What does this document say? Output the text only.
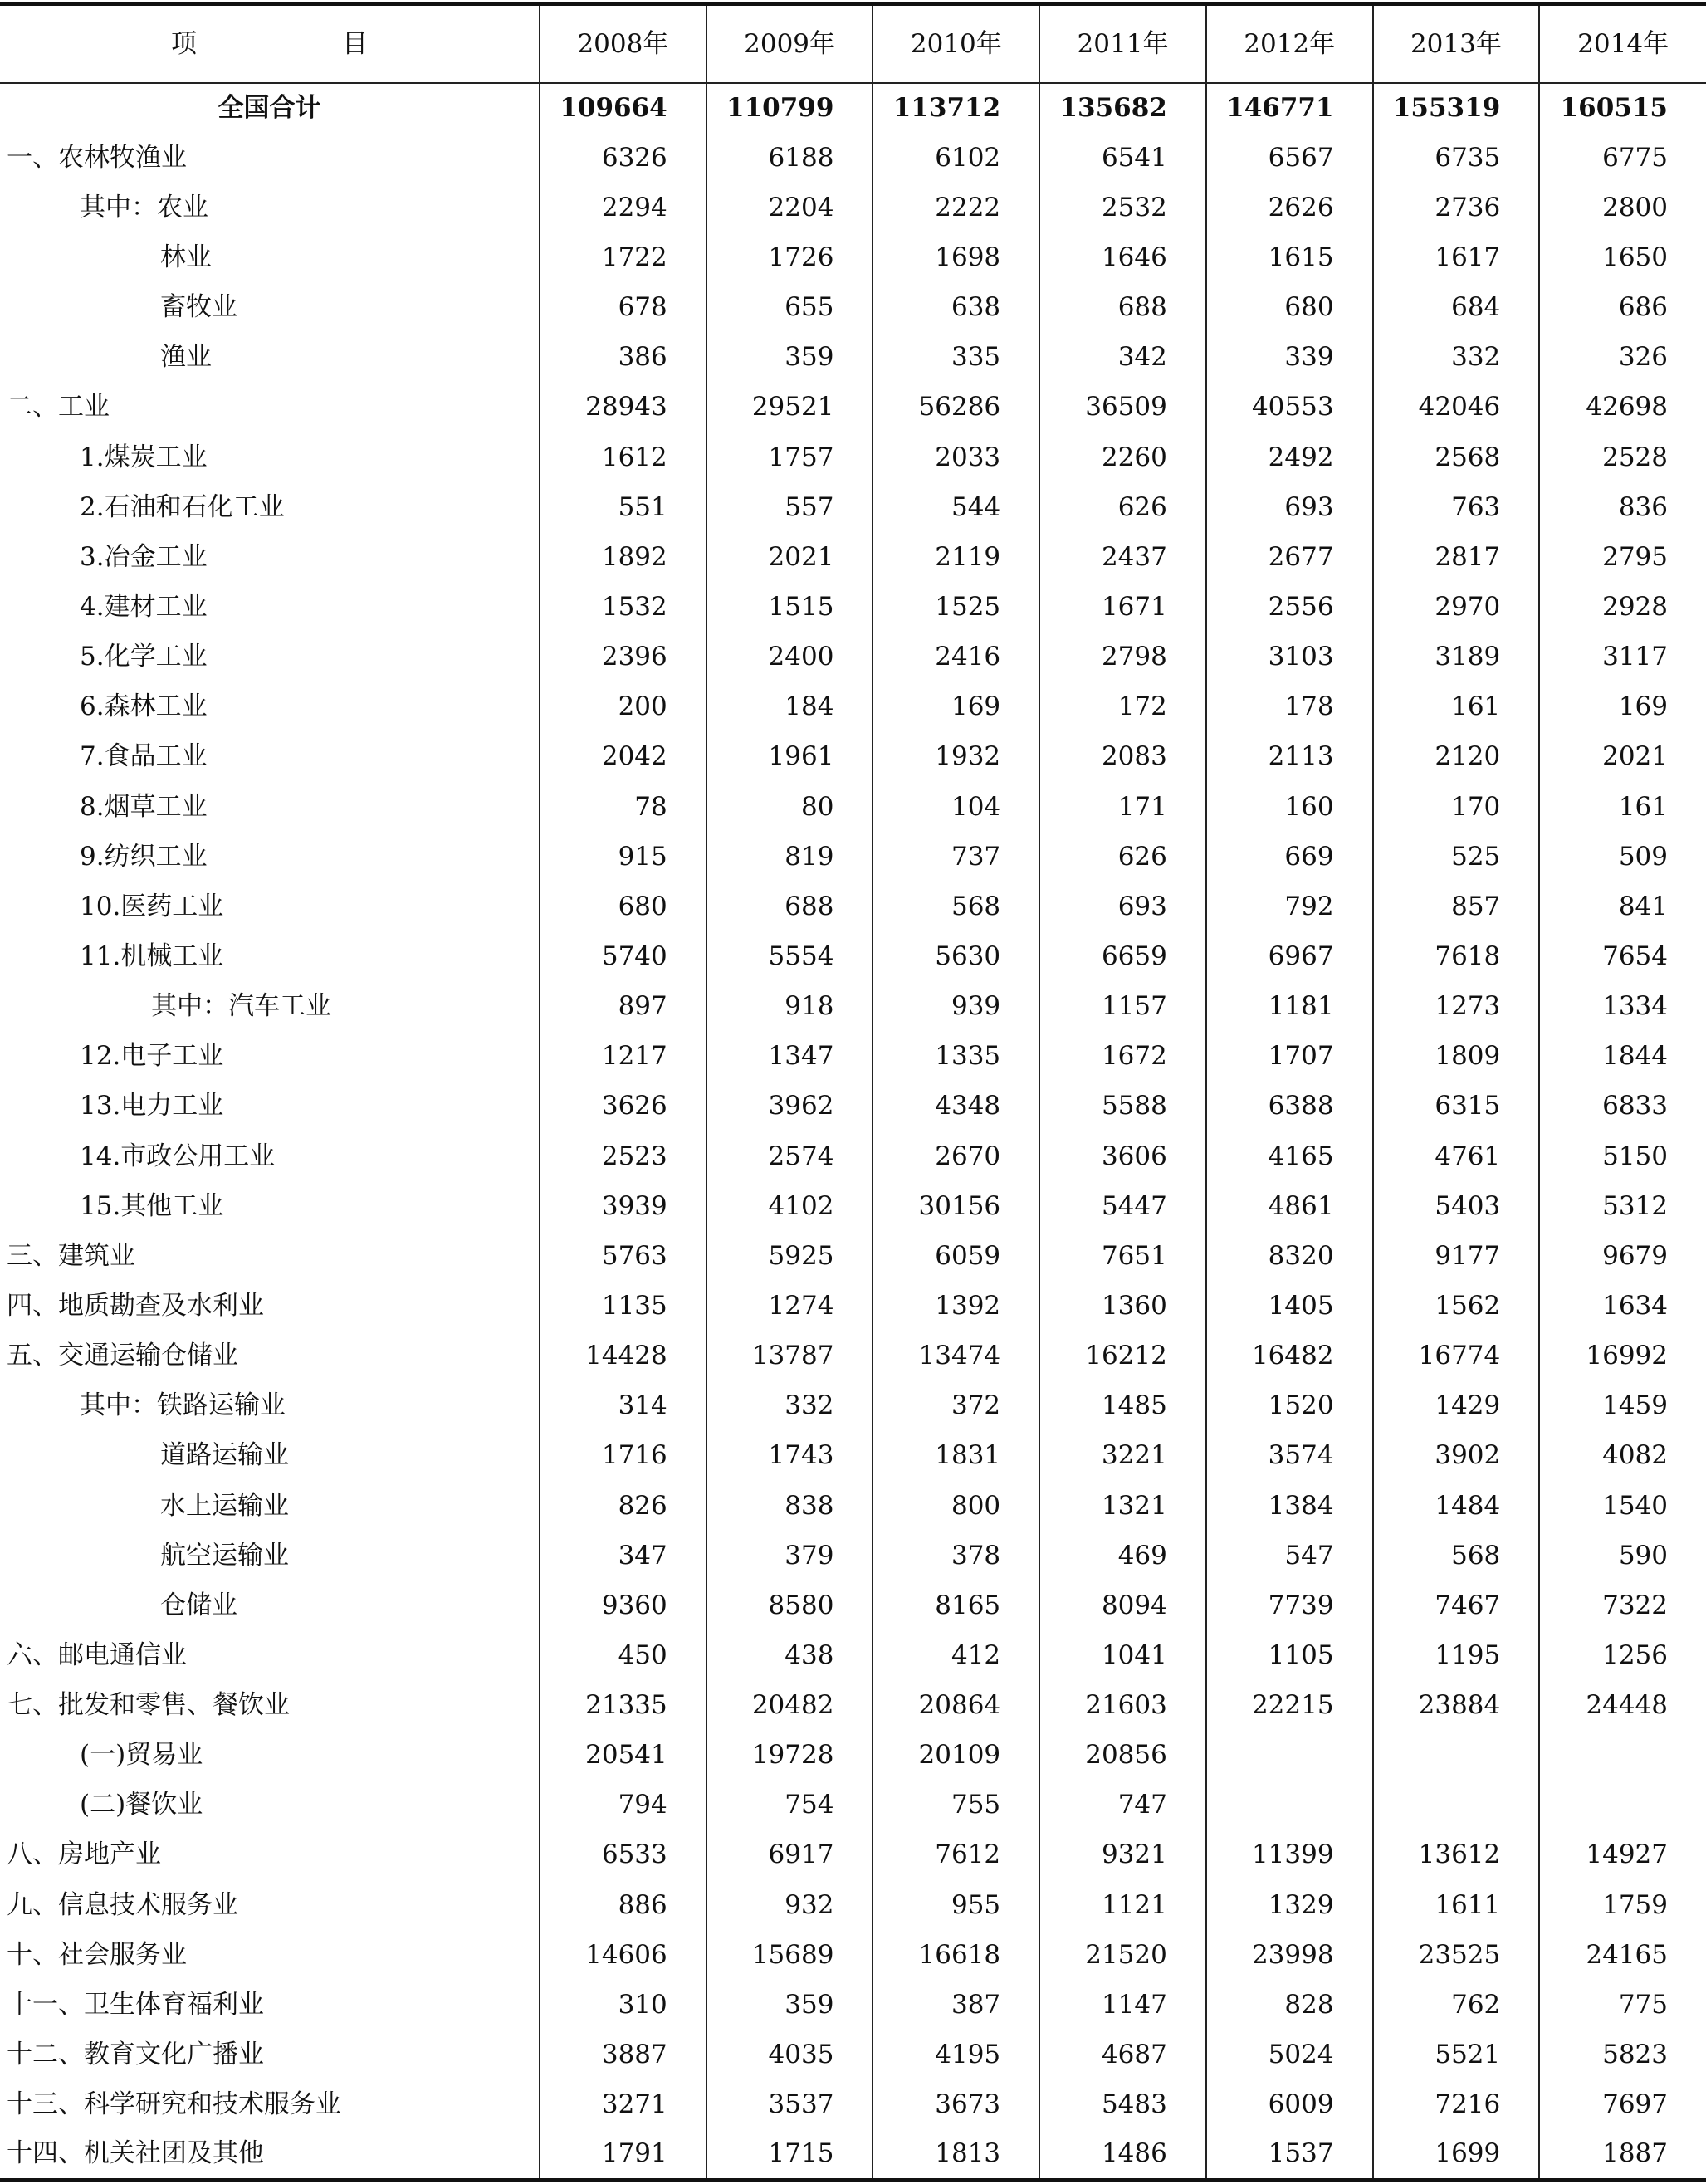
项　目	2008年	2009年	2010年	2011年	2012年	2013年	2014年
全国合计	109664	110799	113712	135682	146771	155319	160515
一、农林牧渔业	6326	6188	6102	6541	6567	6735	6775
其中：农业	2294	2204	2222	2532	2626	2736	2800
林业	1722	1726	1698	1646	1615	1617	1650
畜牧业	678	655	638	688	680	684	686
渔业	386	359	335	342	339	332	326
二、工业	28943	29521	56286	36509	40553	42046	42698
1.煤炭工业	1612	1757	2033	2260	2492	2568	2528
2.石油和石化工业	551	557	544	626	693	763	836
3.冶金工业	1892	2021	2119	2437	2677	2817	2795
4.建材工业	1532	1515	1525	1671	2556	2970	2928
5.化学工业	2396	2400	2416	2798	3103	3189	3117
6.森林工业	200	184	169	172	178	161	169
7.食品工业	2042	1961	1932	2083	2113	2120	2021
8.烟草工业	78	80	104	171	160	170	161
9.纺织工业	915	819	737	626	669	525	509
10.医药工业	680	688	568	693	792	857	841
11.机械工业	5740	5554	5630	6659	6967	7618	7654
其中：汽车工业	897	918	939	1157	1181	1273	1334
12.电子工业	1217	1347	1335	1672	1707	1809	1844
13.电力工业	3626	3962	4348	5588	6388	6315	6833
14.市政公用工业	2523	2574	2670	3606	4165	4761	5150
15.其他工业	3939	4102	30156	5447	4861	5403	5312
三、建筑业	5763	5925	6059	7651	8320	9177	9679
四、地质勘查及水利业	1135	1274	1392	1360	1405	1562	1634
五、交通运输仓储业	14428	13787	13474	16212	16482	16774	16992
其中：铁路运输业	314	332	372	1485	1520	1429	1459
道路运输业	1716	1743	1831	3221	3574	3902	4082
水上运输业	826	838	800	1321	1384	1484	1540
航空运输业	347	379	378	469	547	568	590
仓储业	9360	8580	8165	8094	7739	7467	7322
六、邮电通信业	450	438	412	1041	1105	1195	1256
七、批发和零售、餐饮业	21335	20482	20864	21603	22215	23884	24448
(一)贸易业	20541	19728	20109	20856			
(二)餐饮业	794	754	755	747			
八、房地产业	6533	6917	7612	9321	11399	13612	14927
九、信息技术服务业	886	932	955	1121	1329	1611	1759
十、社会服务业	14606	15689	16618	21520	23998	23525	24165
十一、卫生体育福利业	310	359	387	1147	828	762	775
十二、教育文化广播业	3887	4035	4195	4687	5024	5521	5823
十三、科学研究和技术服务业	3271	3537	3673	5483	6009	7216	7697
十四、机关社团及其他	1791	1715	1813	1486	1537	1699	1887
